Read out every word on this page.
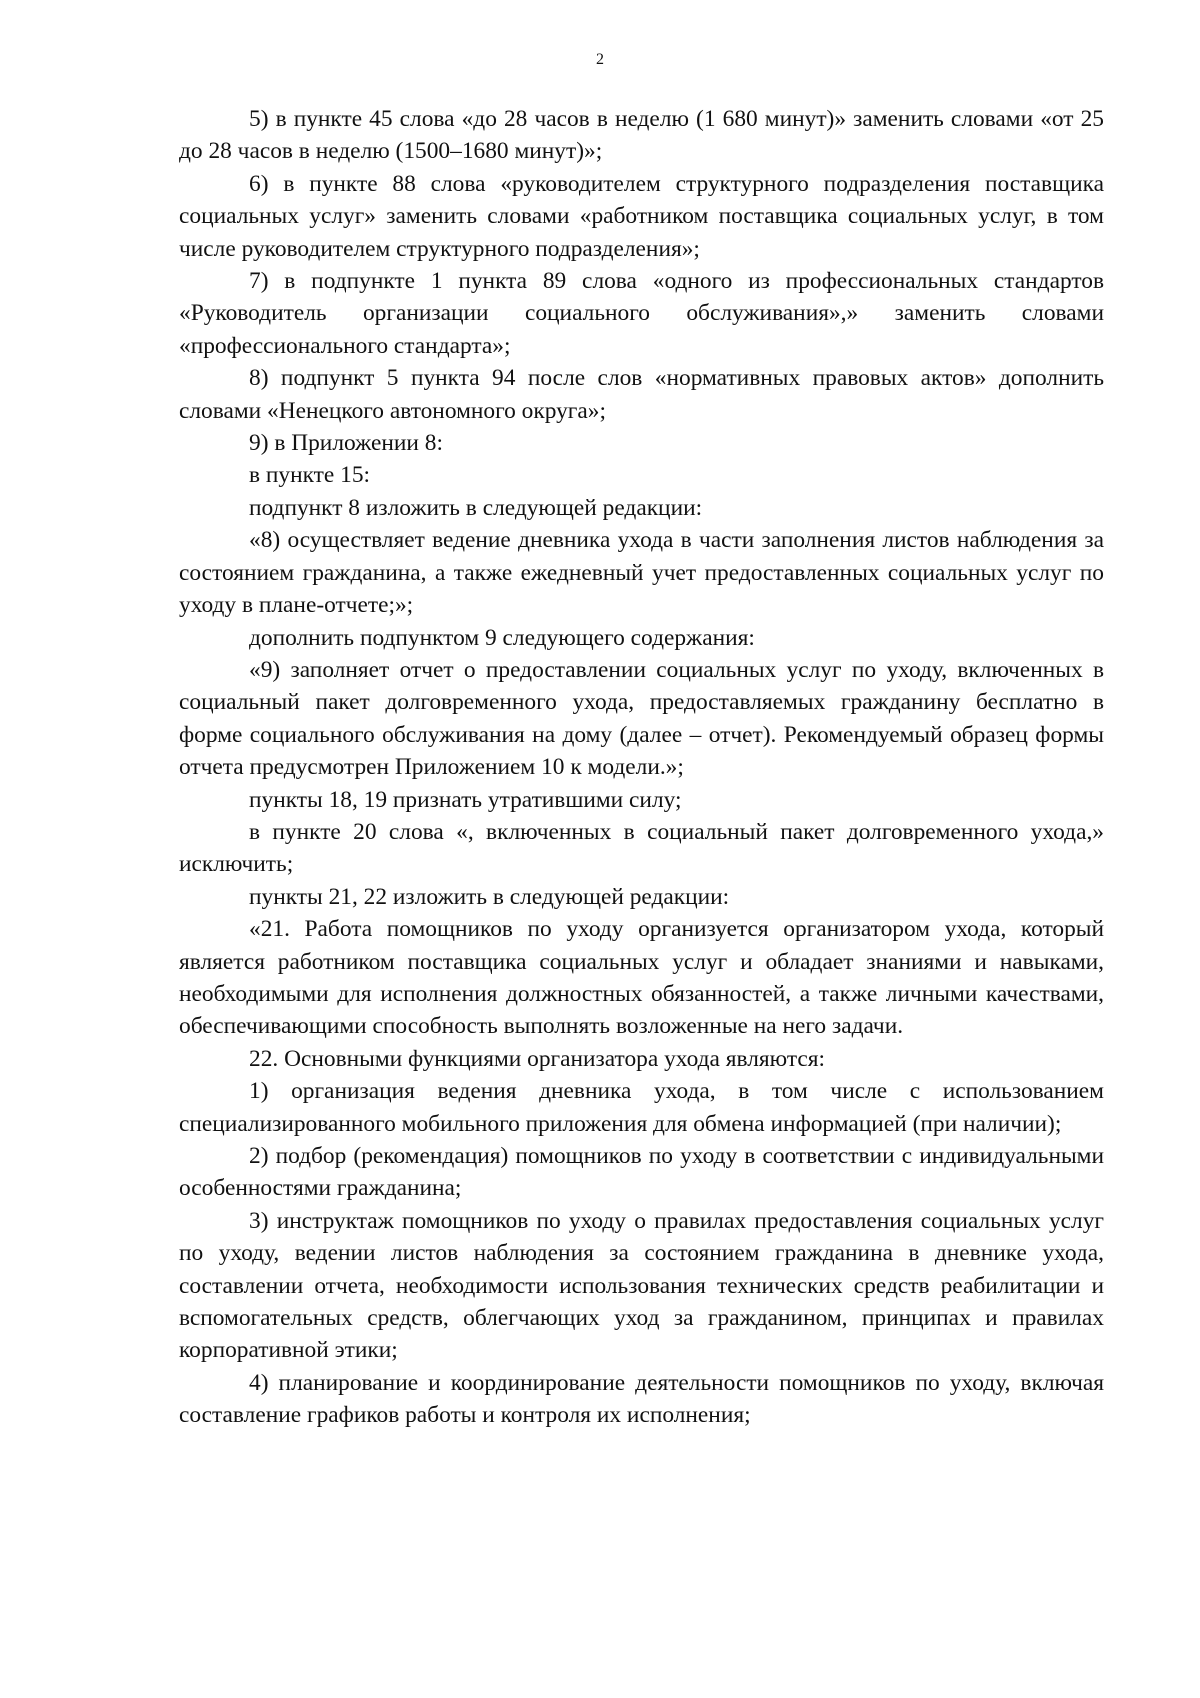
2

5) в пункте 45 слова «до 28 часов в неделю (1 680 минут)» заменить словами «от 25 до 28 часов в неделю (1500–1680 минут)»;

6) в пункте 88 слова «руководителем структурного подразделения поставщика социальных услуг» заменить словами «работником поставщика социальных услуг, в том числе руководителем структурного подразделения»;

7) в подпункте 1 пункта 89 слова «одного из профессиональных стандартов «Руководитель организации социального обслуживания»,» заменить словами «профессионального стандарта»;

8) подпункт 5 пункта 94 после слов «нормативных правовых актов» дополнить словами «Ненецкого автономного округа»;

9) в Приложении 8:

в пункте 15:

подпункт 8 изложить в следующей редакции:

«8) осуществляет ведение дневника ухода в части заполнения листов наблюдения за состоянием гражданина, а также ежедневный учет предоставленных социальных услуг по уходу в плане-отчете;»;

дополнить подпунктом 9 следующего содержания:

«9) заполняет отчет о предоставлении социальных услуг по уходу, включенных в социальный пакет долговременного ухода, предоставляемых гражданину бесплатно в форме социального обслуживания на дому (далее – отчет). Рекомендуемый образец формы отчета предусмотрен Приложением 10 к модели.»;

пункты 18, 19 признать утратившими силу;

в пункте 20 слова «, включенных в социальный пакет долговременного ухода,» исключить;

пункты 21, 22 изложить в следующей редакции:

«21. Работа помощников по уходу организуется организатором ухода, который является работником поставщика социальных услуг и обладает знаниями и навыками, необходимыми для исполнения должностных обязанностей, а также личными качествами, обеспечивающими способность выполнять возложенные на него задачи.

22. Основными функциями организатора ухода являются:

1) организация ведения дневника ухода, в том числе с использованием специализированного мобильного приложения для обмена информацией (при наличии);

2) подбор (рекомендация) помощников по уходу в соответствии с индивидуальными особенностями гражданина;

3) инструктаж помощников по уходу о правилах предоставления социальных услуг по уходу, ведении листов наблюдения за состоянием гражданина в дневнике ухода, составлении отчета, необходимости использования технических средств реабилитации и вспомогательных средств, облегчающих уход за гражданином, принципах и правилах корпоративной этики;

4) планирование и координирование деятельности помощников по уходу, включая составление графиков работы и контроля их исполнения;
